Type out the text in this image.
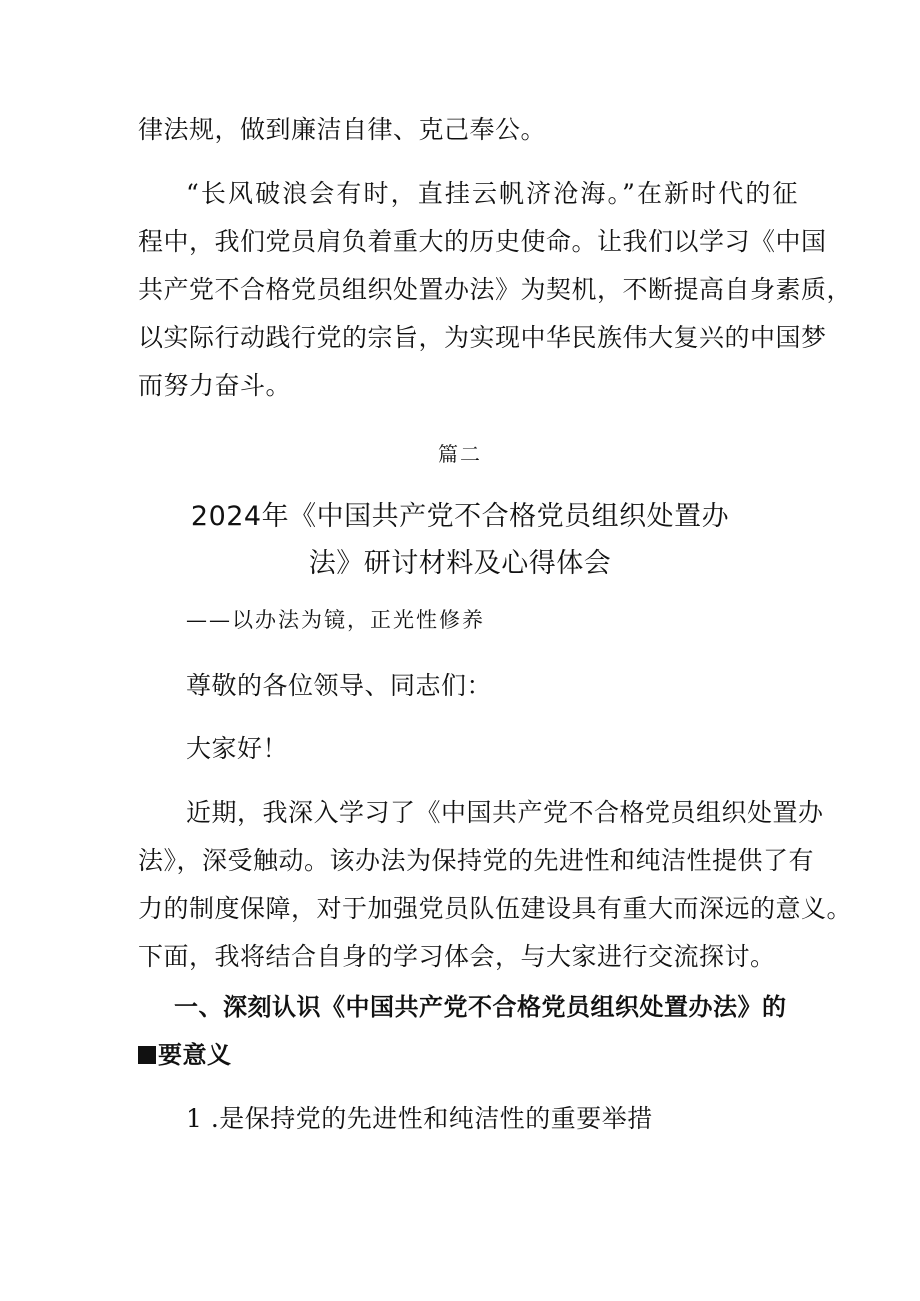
律法规，做到廉洁自律、克己奉公。
“长风破浪会有时，直挂云帆济沧海。”在新时代的征
程中，我们党员肩负着重大的历史使命。让我们以学习《中国
共产党不合格党员组织处置办法》为契机，不断提高自身素质，
以实际行动践行党的宗旨，为实现中华民族伟大复兴的中国梦
而努力奋斗。
篇二
2024年《中国共产党不合格党员组织处置办
法》研讨材料及心得体会
——以办法为镜，正光性修养
尊敬的各位领导、同志们：
大家好！
近期，我深入学习了《中国共产党不合格党员组织处置办
法》，深受触动。该办法为保持党的先进性和纯洁性提供了有
力的制度保障，对于加强党员队伍建设具有重大而深远的意义。
下面，我将结合自身的学习体会，与大家进行交流探讨。
一、深刻认识《中国共产党不合格党员组织处置办法》的
要意义
1 .是保持党的先进性和纯洁性的重要举措
